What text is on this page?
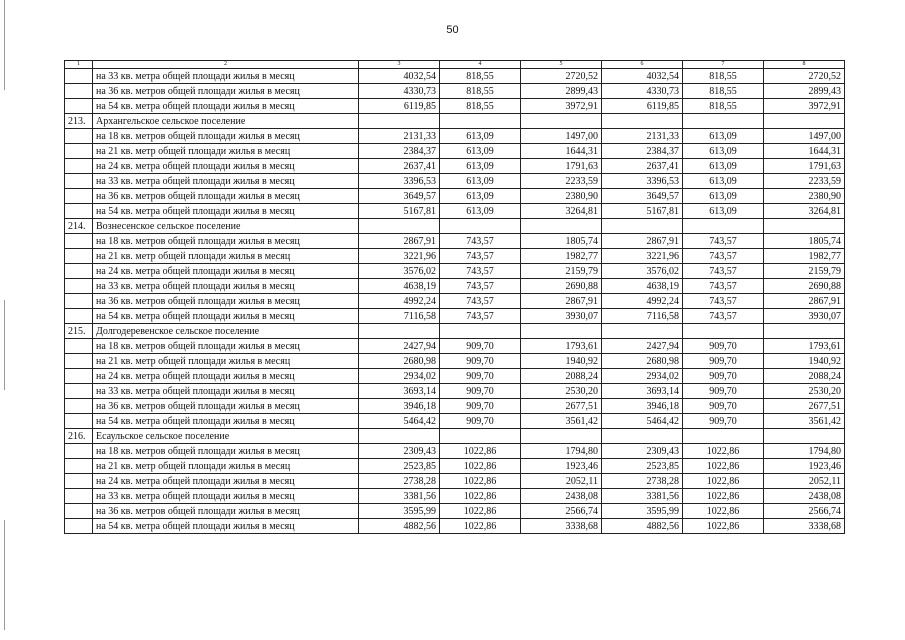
50
1	2	3	4	5	6	7	8
	на 33 кв. метра общей площади жилья в месяц	4032,54	818,55	2720,52	4032,54	818,55	2720,52
	на 36 кв. метров общей площади жилья в месяц	4330,73	818,55	2899,43	4330,73	818,55	2899,43
	на 54 кв. метра общей площади жилья в месяц	6119,85	818,55	3972,91	6119,85	818,55	3972,91
213.	Архангельское сельское поселение						
	на 18 кв. метров общей площади жилья в месяц	2131,33	613,09	1497,00	2131,33	613,09	1497,00
	на 21 кв. метр общей площади жилья в месяц	2384,37	613,09	1644,31	2384,37	613,09	1644,31
	на 24 кв. метра общей площади жилья в месяц	2637,41	613,09	1791,63	2637,41	613,09	1791,63
	на 33 кв. метра общей площади жилья в месяц	3396,53	613,09	2233,59	3396,53	613,09	2233,59
	на 36 кв. метров общей площади жилья в месяц	3649,57	613,09	2380,90	3649,57	613,09	2380,90
	на 54 кв. метра общей площади жилья в месяц	5167,81	613,09	3264,81	5167,81	613,09	3264,81
214.	Вознесенское сельское поселение						
	на 18 кв. метров общей площади жилья в месяц	2867,91	743,57	1805,74	2867,91	743,57	1805,74
	на 21 кв. метр общей площади жилья в месяц	3221,96	743,57	1982,77	3221,96	743,57	1982,77
	на 24 кв. метра общей площади жилья в месяц	3576,02	743,57	2159,79	3576,02	743,57	2159,79
	на 33 кв. метра общей площади жилья в месяц	4638,19	743,57	2690,88	4638,19	743,57	2690,88
	на 36 кв. метров общей площади жилья в месяц	4992,24	743,57	2867,91	4992,24	743,57	2867,91
	на 54 кв. метра общей площади жилья в месяц	7116,58	743,57	3930,07	7116,58	743,57	3930,07
215.	Долгодеревенское сельское поселение						
	на 18 кв. метров общей площади жилья в месяц	2427,94	909,70	1793,61	2427,94	909,70	1793,61
	на 21 кв. метр общей площади жилья в месяц	2680,98	909,70	1940,92	2680,98	909,70	1940,92
	на 24 кв. метра общей площади жилья в месяц	2934,02	909,70	2088,24	2934,02	909,70	2088,24
	на 33 кв. метра общей площади жилья в месяц	3693,14	909,70	2530,20	3693,14	909,70	2530,20
	на 36 кв. метров общей площади жилья в месяц	3946,18	909,70	2677,51	3946,18	909,70	2677,51
	на 54 кв. метра общей площади жилья в месяц	5464,42	909,70	3561,42	5464,42	909,70	3561,42
216.	Есаульское сельское поселение						
	на 18 кв. метров общей площади жилья в месяц	2309,43	1022,86	1794,80	2309,43	1022,86	1794,80
	на 21 кв. метр общей площади жилья в месяц	2523,85	1022,86	1923,46	2523,85	1022,86	1923,46
	на 24 кв. метра общей площади жилья в месяц	2738,28	1022,86	2052,11	2738,28	1022,86	2052,11
	на 33 кв. метра общей площади жилья в месяц	3381,56	1022,86	2438,08	3381,56	1022,86	2438,08
	на 36 кв. метров общей площади жилья в месяц	3595,99	1022,86	2566,74	3595,99	1022,86	2566,74
	на 54 кв. метра общей площади жилья в месяц	4882,56	1022,86	3338,68	4882,56	1022,86	3338,68
